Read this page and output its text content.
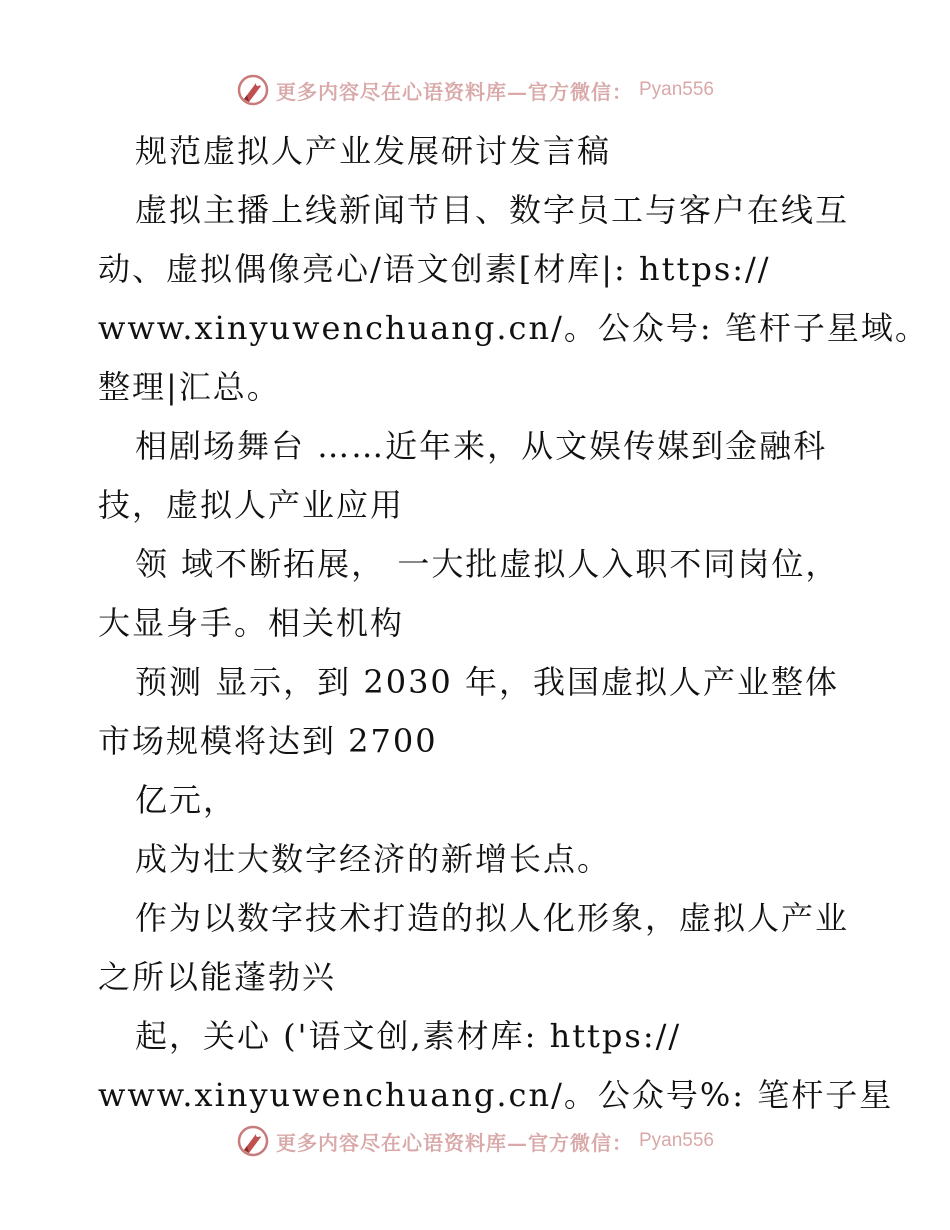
更多内容尽在心语资料库—官方微信： Pyan556
规范虚拟人产业发展研讨发言稿
虚拟主播上线新闻节目、数字员工与客户在线互
动、虚拟偶像亮心/语文创素[材库|: https://
www.xinyuwenchuang.cn/。公众号: 笔杆子星域。
整理|汇总。
相剧场舞台 ……近年来，从文娱传媒到金融科
技，虚拟人产业应用
领 域不断拓展， 一大批虚拟人入职不同岗位，
大显身手。相关机构
预测 显示，到 2030 年，我国虚拟人产业整体
市场规模将达到 2700
亿元，
成为壮大数字经济的新增长点。
作为以数字技术打造的拟人化形象，虚拟人产业
之所以能蓬勃兴
起，关心 ('语文创,素材库: https://
www.xinyuwenchuang.cn/。公众号%: 笔杆子星
更多内容尽在心语资料库—官方微信： Pyan556
